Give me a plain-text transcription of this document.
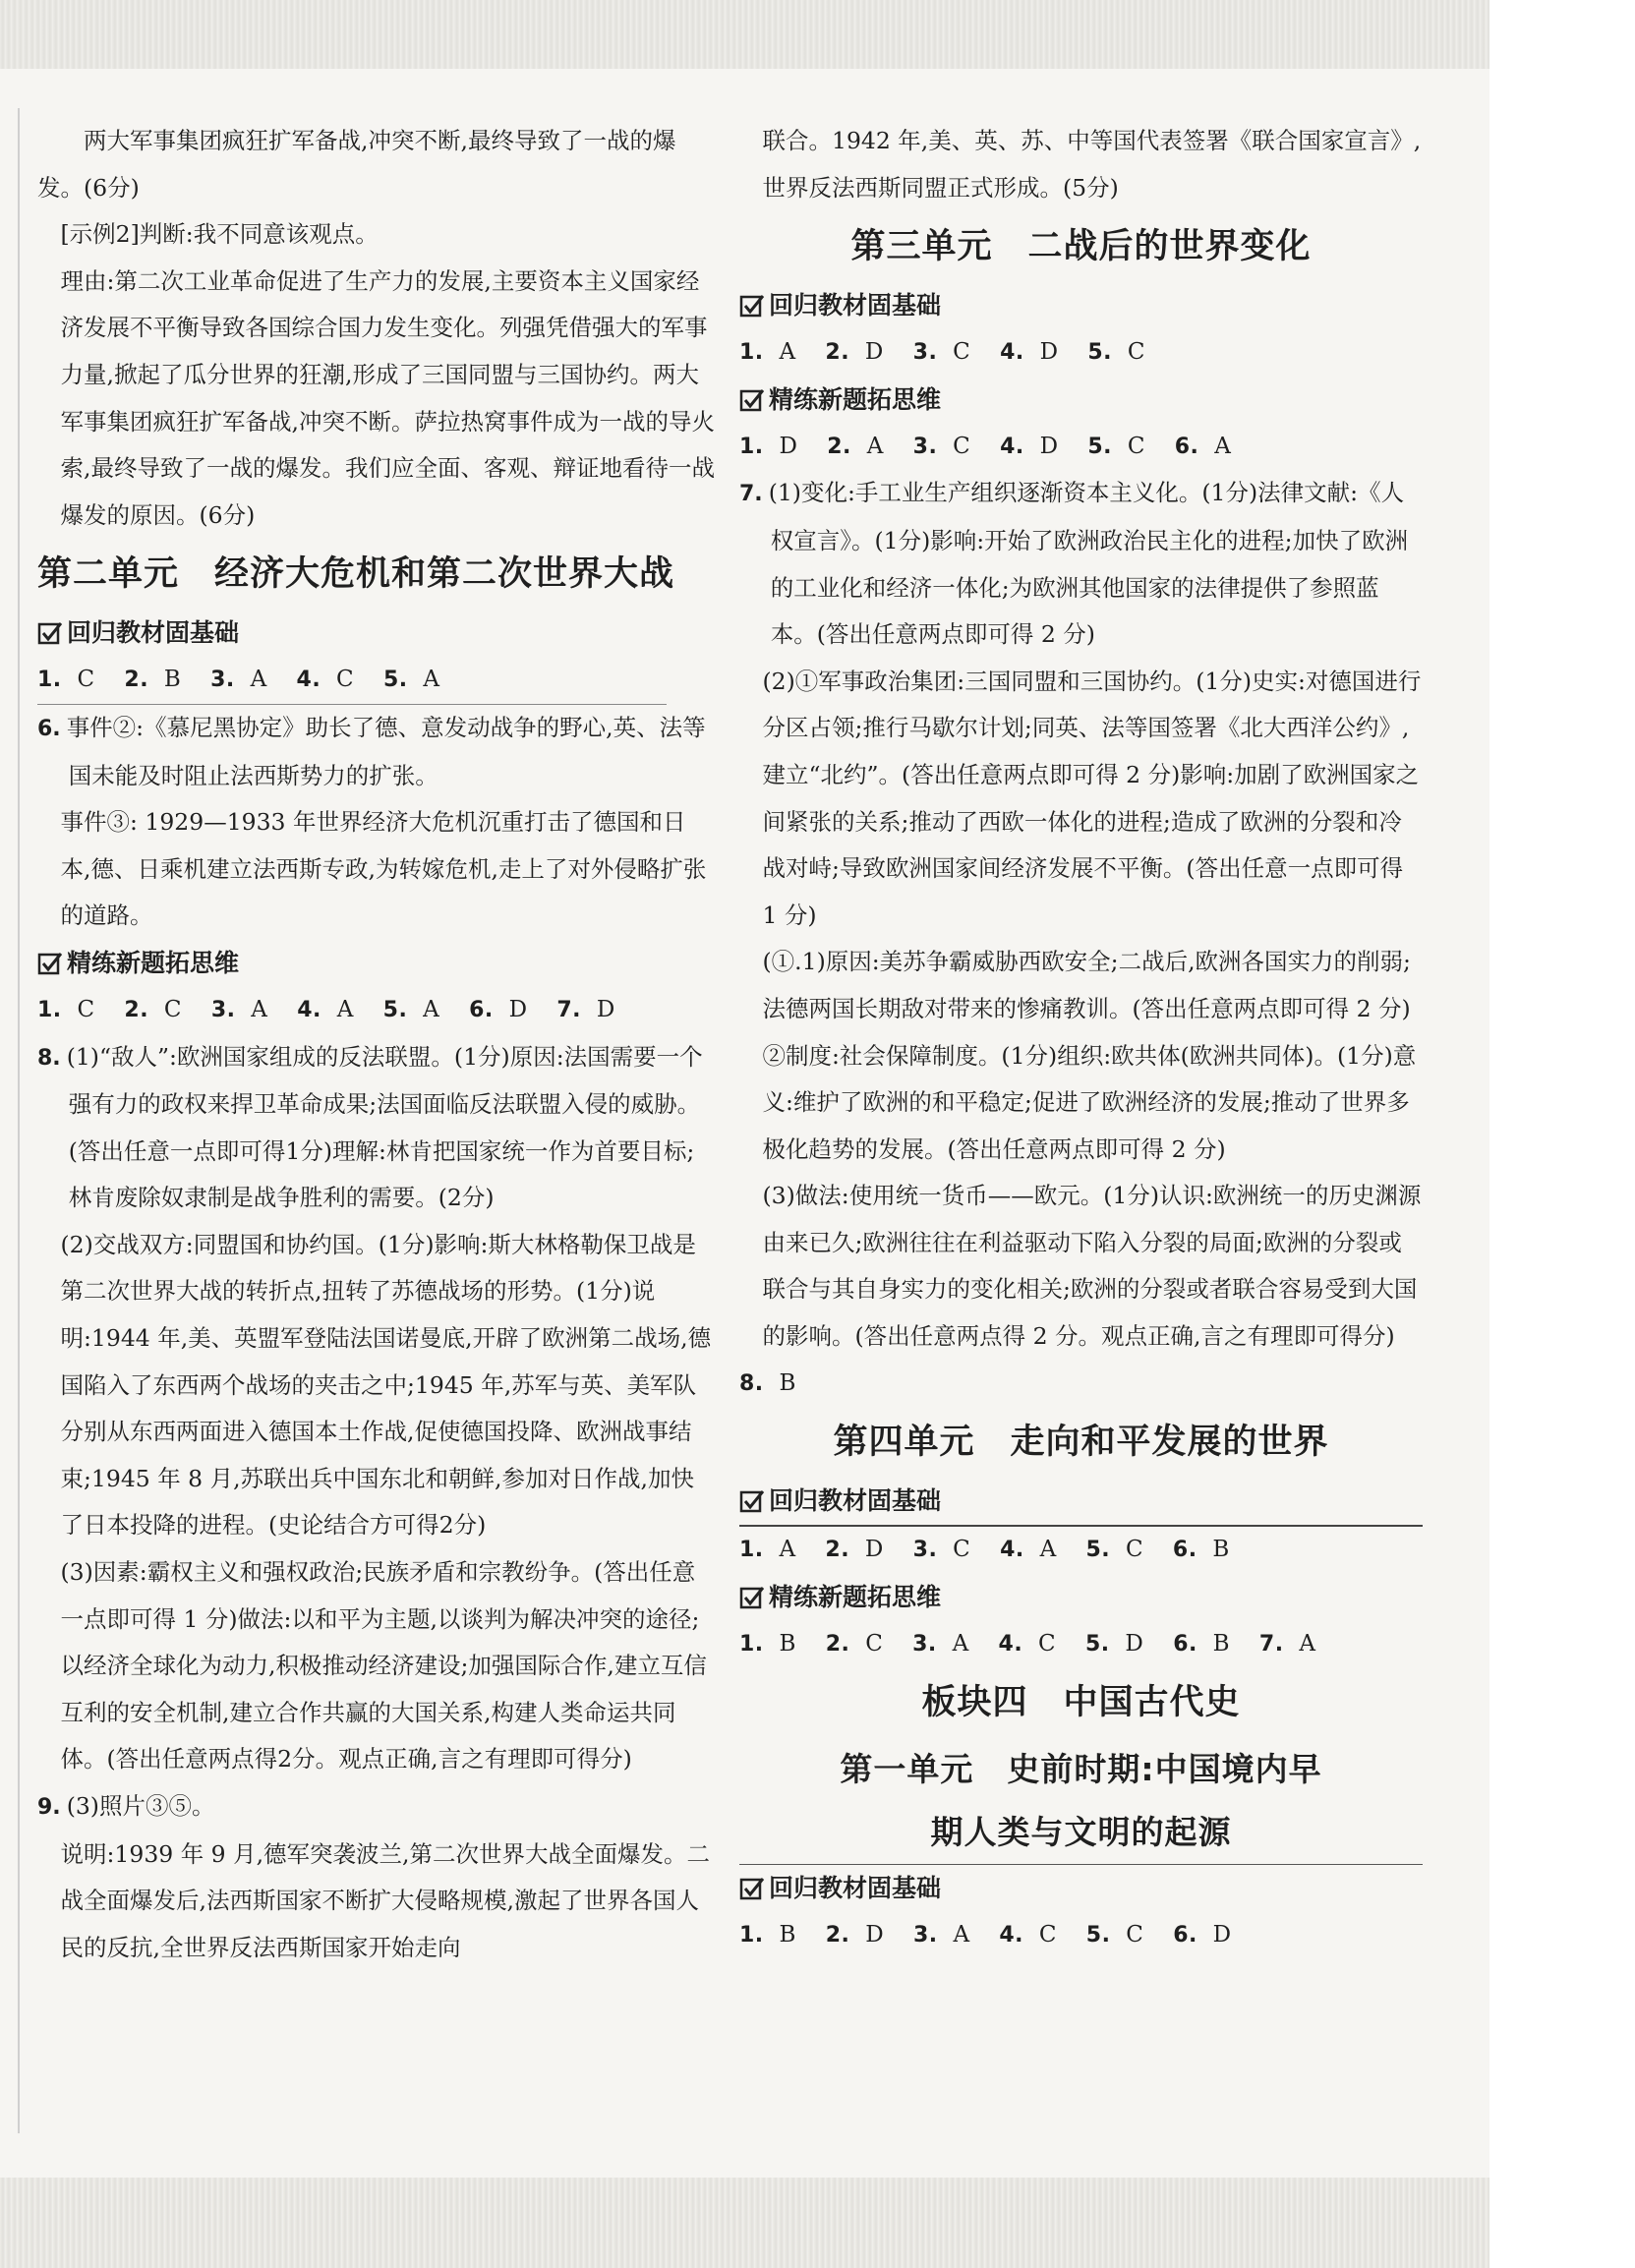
两大军事集团疯狂扩军备战,冲突不断,最终导致了一战的爆发。(6分)

[示例2]判断:我不同意该观点。

理由:第二次工业革命促进了生产力的发展,主要资本主义国家经济发展不平衡导致各国综合国力发生变化。列强凭借强大的军事力量,掀起了瓜分世界的狂潮,形成了三国同盟与三国协约。两大军事集团疯狂扩军备战,冲突不断。萨拉热窝事件成为一战的导火索,最终导致了一战的爆发。我们应全面、客观、辩证地看待一战爆发的原因。(6分)

第二单元　经济大危机和第二次世界大战
回归教材固基础

1. C 2. B 3. A 4. C 5. A

6. 事件②:《慕尼黑协定》助长了德、意发动战争的野心,英、法等国未能及时阻止法西斯势力的扩张。

事件③: 1929—1933 年世界经济大危机沉重打击了德国和日本,德、日乘机建立法西斯专政,为转嫁危机,走上了对外侵略扩张的道路。

精练新题拓思维

1. C 2. C 3. A 4. A 5. A 6. D 7. D

8. (1)“敌人”:欧洲国家组成的反法联盟。(1分)原因:法国需要一个强有力的政权来捍卫革命成果;法国面临反法联盟入侵的威胁。(答出任意一点即可得1分)理解:林肯把国家统一作为首要目标;林肯废除奴隶制是战争胜利的需要。(2分)

(2)交战双方:同盟国和协约国。(1分)影响:斯大林格勒保卫战是第二次世界大战的转折点,扭转了苏德战场的形势。(1分)说明:1944 年,美、英盟军登陆法国诺曼底,开辟了欧洲第二战场,德国陷入了东西两个战场的夹击之中;1945 年,苏军与英、美军队分别从东西两面进入德国本土作战,促使德国投降、欧洲战事结束;1945 年 8 月,苏联出兵中国东北和朝鲜,参加对日作战,加快了日本投降的进程。(史论结合方可得2分)

(3)因素:霸权主义和强权政治;民族矛盾和宗教纷争。(答出任意一点即可得 1 分)做法:以和平为主题,以谈判为解决冲突的途径;以经济全球化为动力,积极推动经济建设;加强国际合作,建立互信互利的安全机制,建立合作共赢的大国关系,构建人类命运共同体。(答出任意两点得2分。观点正确,言之有理即可得分)

9. (3)照片③⑤。

说明:1939 年 9 月,德军突袭波兰,第二次世界大战全面爆发。二战全面爆发后,法西斯国家不断扩大侵略规模,激起了世界各国人民的反抗,全世界反法西斯国家开始走向

联合。1942 年,美、英、苏、中等国代表签署《联合国家宣言》,世界反法西斯同盟正式形成。(5分)

第三单元　二战后的世界变化
回归教材固基础

1. A 2. D 3. C 4. D 5. C

精练新题拓思维

1. D 2. A 3. C 4. D 5. C 6. A

7. (1)变化:手工业生产组织逐渐资本主义化。(1分)法律文献:《人权宣言》。(1分)影响:开始了欧洲政治民主化的进程;加快了欧洲的工业化和经济一体化;为欧洲其他国家的法律提供了参照蓝本。(答出任意两点即可得 2 分)

(2)①军事政治集团:三国同盟和三国协约。(1分)史实:对德国进行分区占领;推行马歇尔计划;同英、法等国签署《北大西洋公约》,建立“北约”。(答出任意两点即可得 2 分)影响:加剧了欧洲国家之间紧张的关系;推动了西欧一体化的进程;造成了欧洲的分裂和冷战对峙;导致欧洲国家间经济发展不平衡。(答出任意一点即可得 1 分)

(①.1)原因:美苏争霸威胁西欧安全;二战后,欧洲各国实力的削弱;法德两国长期敌对带来的惨痛教训。(答出任意两点即可得 2 分)

②制度:社会保障制度。(1分)组织:欧共体(欧洲共同体)。(1分)意义:维护了欧洲的和平稳定;促进了欧洲经济的发展;推动了世界多极化趋势的发展。(答出任意两点即可得 2 分)

(3)做法:使用统一货币——欧元。(1分)认识:欧洲统一的历史渊源由来已久;欧洲往往在利益驱动下陷入分裂的局面;欧洲的分裂或联合与其自身实力的变化相关;欧洲的分裂或者联合容易受到大国的影响。(答出任意两点得 2 分。观点正确,言之有理即可得分)

8. B

第四单元　走向和平发展的世界
回归教材固基础

1. A 2. D 3. C 4. A 5. C 6. B

精练新题拓思维

1. B 2. C 3. A 4. C 5. D 6. B 7. A

板块四　中国古代史
第一单元　史前时期:中国境内早
期人类与文明的起源
回归教材固基础

1. B 2. D 3. A 4. C 5. C 6. D
